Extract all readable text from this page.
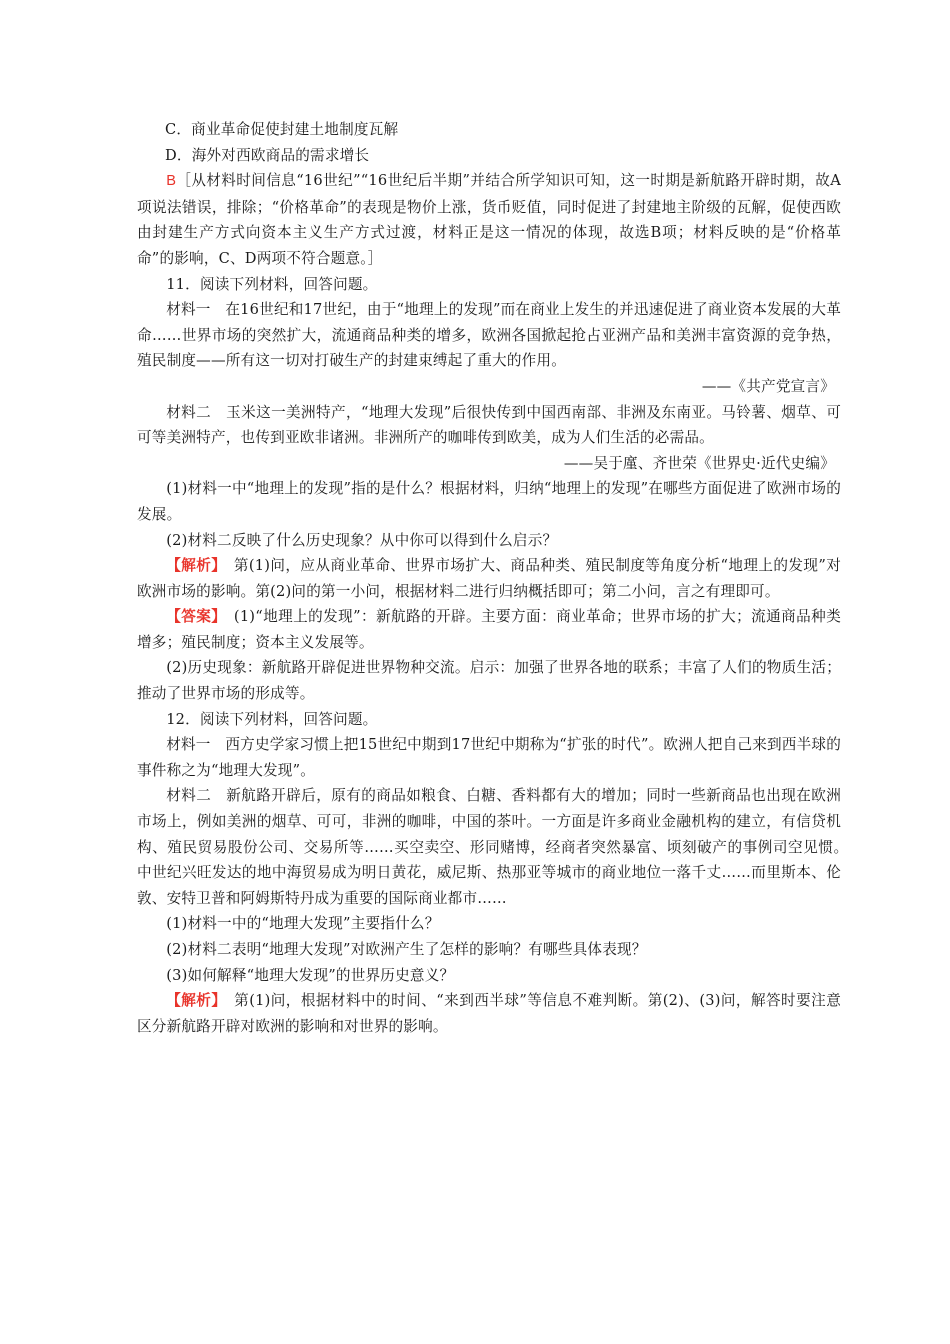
C．商业革命促使封建土地制度瓦解

D．海外对西欧商品的需求增长

B［从材料时间信息“16世纪”“16世纪后半期”并结合所学知识可知，这一时期是新航路开辟时期，故A项说法错误，排除；“价格革命”的表现是物价上涨，货币贬值，同时促进了封建地主阶级的瓦解，促使西欧由封建生产方式向资本主义生产方式过渡，材料正是这一情况的体现，故选B项；材料反映的是“价格革命”的影响，C、D两项不符合题意。］

11．阅读下列材料，回答问题。

材料一　在16世纪和17世纪，由于“地理上的发现”而在商业上发生的并迅速促进了商业资本发展的大革命……世界市场的突然扩大，流通商品种类的增多，欧洲各国掀起抢占亚洲产品和美洲丰富资源的竞争热，殖民制度——所有这一切对打破生产的封建束缚起了重大的作用。

——《共产党宣言》

材料二　玉米这一美洲特产，“地理大发现”后很快传到中国西南部、非洲及东南亚。马铃薯、烟草、可可等美洲特产，也传到亚欧非诸洲。非洲所产的咖啡传到欧美，成为人们生活的必需品。

——吴于廑、齐世荣《世界史·近代史编》

(1)材料一中“地理上的发现”指的是什么？根据材料，归纳“地理上的发现”在哪些方面促进了欧洲市场的发展。

(2)材料二反映了什么历史现象？从中你可以得到什么启示？

【解析】　第(1)问，应从商业革命、世界市场扩大、商品种类、殖民制度等角度分析“地理上的发现”对欧洲市场的影响。第(2)问的第一小问，根据材料二进行归纳概括即可；第二小问，言之有理即可。

【答案】　(1)“地理上的发现”：新航路的开辟。主要方面：商业革命；世界市场的扩大；流通商品种类增多；殖民制度；资本主义发展等。

(2)历史现象：新航路开辟促进世界物种交流。启示：加强了世界各地的联系；丰富了人们的物质生活；推动了世界市场的形成等。

12．阅读下列材料，回答问题。

材料一　西方史学家习惯上把15世纪中期到17世纪中期称为“扩张的时代”。欧洲人把自己来到西半球的事件称之为“地理大发现”。

材料二　新航路开辟后，原有的商品如粮食、白糖、香料都有大的增加；同时一些新商品也出现在欧洲市场上，例如美洲的烟草、可可，非洲的咖啡，中国的茶叶。一方面是许多商业金融机构的建立，有信贷机构、殖民贸易股份公司、交易所等……买空卖空、形同赌博，经商者突然暴富、顷刻破产的事例司空见惯。　中世纪兴旺发达的地中海贸易成为明日黄花，威尼斯、热那亚等城市的商业地位一落千丈……而里斯本、伦敦、安特卫普和阿姆斯特丹成为重要的国际商业都市……

(1)材料一中的“地理大发现”主要指什么？

(2)材料二表明“地理大发现”对欧洲产生了怎样的影响？有哪些具体表现？

(3)如何解释“地理大发现”的世界历史意义？

【解析】　第(1)问，根据材料中的时间、“来到西半球”等信息不难判断。第(2)、(3)问，解答时要注意区分新航路开辟对欧洲的影响和对世界的影响。
